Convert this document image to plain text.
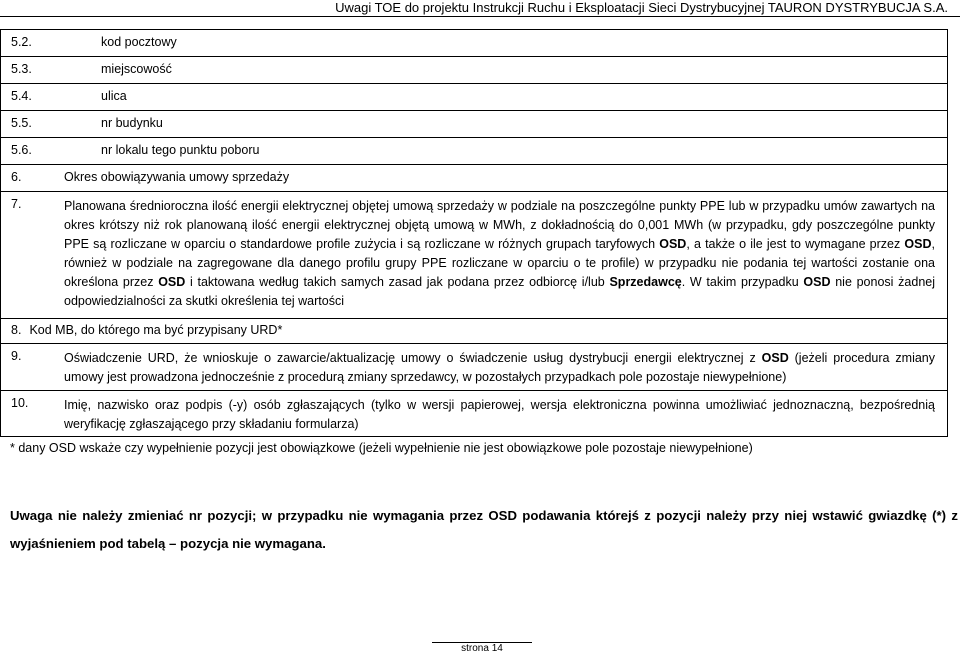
Uwagi TOE do projektu Instrukcji Ruchu i Eksploatacji Sieci Dystrybucyjnej TAURON DYSTRYBUCJA S.A.
5.2.	kod pocztowy

5.3.	miejscowość

5.4.	ulica

5.5.	nr budynku

5.6.	nr lokalu tego punktu poboru

6.	Okres obowiązywania umowy sprzedaży

7.	Planowana średnioroczna ilość energii elektrycznej objętej umową sprzedaży w podziale na poszczególne punkty PPE lub w przypadku umów zawartych na okres krótszy niż rok planowaną ilość energii elektrycznej objętą umową w MWh, z dokładnością do 0,001 MWh (w przypadku, gdy poszczególne punkty PPE są rozliczane w oparciu o standardowe profile zużycia i są rozliczane w różnych grupach taryfowych OSD, a także o ile jest to wymagane przez OSD, również w podziale na zagregowane dla danego profilu grupy PPE rozliczane w oparciu o te profile) w przypadku nie podania tej wartości zostanie ona określona przez OSD i taktowana według takich samych zasad jak podana przez odbiorcę i/lub Sprzedawcę. W takim przypadku OSD nie ponosi żadnej odpowiedzialności za skutki określenia tej wartości

8. Kod MB, do którego ma być przypisany URD*

9.	Oświadczenie URD, że wnioskuje o zawarcie/aktualizację umowy o świadczenie usług dystrybucji energii elektrycznej z OSD (jeżeli procedura zmiany umowy jest prowadzona jednocześnie z procedurą zmiany sprzedawcy, w pozostałych przypadkach pole pozostaje niewypełnione)

10.	Imię, nazwisko oraz podpis (-y) osób zgłaszających (tylko w wersji papierowej, wersja elektroniczna powinna umożliwiać jednoznaczną, bezpośrednią weryfikację zgłaszającego przy składaniu formularza)
* dany OSD wskaże czy wypełnienie pozycji jest obowiązkowe (jeżeli wypełnienie nie jest obowiązkowe pole pozostaje niewypełnione)
Uwaga nie należy zmieniać nr pozycji; w przypadku nie wymagania przez OSD podawania którejś z pozycji należy przy niej wstawić gwiazdkę (*) z wyjaśnieniem pod tabelą – pozycja nie wymagana.
strona 14
